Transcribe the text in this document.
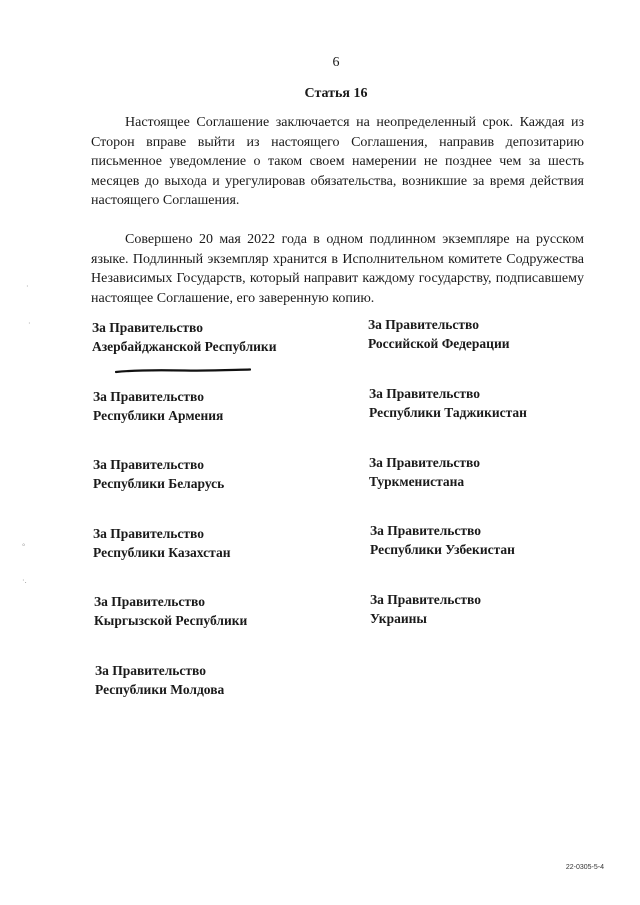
6
Статья 16

Настоящее Соглашение заключается на неопределенный срок. Каждая из Сторон вправе выйти из настоящего Соглашения, направив депозитарию письменное уведомление о таком своем намерении не позднее чем за шесть месяцев до выхода и урегулировав обязательства, возникшие за время действия настоящего Соглашения.

Совершено 20 мая 2022 года в одном подлинном экземпляре на русском языке. Подлинный экземпляр хранится в Исполнительном комитете Содружества Независимых Государств, который направит каждому государству, подписавшему настоящее Соглашение, его заверенную копию.

За Правительство
Азербайджанской Республики
За Правительство
Республики Армения
За Правительство
Республики Беларусь
За Правительство
Республики Казахстан
За Правительство
Кыргызской Республики
За Правительство
Республики Молдова
За Правительство
Российской Федерации
За Правительство
Республики Таджикистан
За Правительство
Туркменистана
За Правительство
Республики Узбекистан
За Правительство
Украины
·
·
°
·.
22-0305-5-4
